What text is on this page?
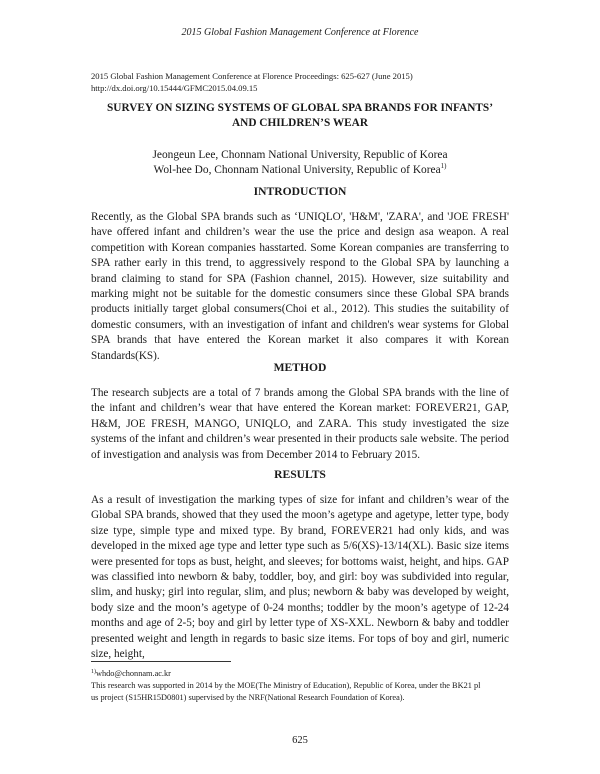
2015 Global Fashion Management Conference at Florence
2015 Global Fashion Management Conference at Florence Proceedings: 625-627 (June 2015)
http://dx.doi.org/10.15444/GFMC2015.04.09.15
SURVEY ON SIZING SYSTEMS OF GLOBAL SPA BRANDS FOR INFANTS’
AND CHILDREN’S WEAR
Jeongeun Lee, Chonnam National University, Republic of Korea
Wol-hee Do, Chonnam National University, Republic of Korea$^{1)}$
INTRODUCTION
Recently, as the Global SPA brands such as ‘UNIQLO', 'H&M', 'ZARA', and 'JOE FRESH' have offered infant and children’s wear the use the price and design asa weapon. A real competition with Korean companies hasstarted. Some Korean companies are transferring to SPA rather early in this trend, to aggressively respond to the Global SPA by launching a brand claiming to stand for SPA (Fashion channel, 2015). However, size suitability and marking might not be suitable for the domestic consumers since these Global SPA brands products initially target global consumers(Choi et al., 2012). This studies the suitability of domestic consumers, with an investigation of infant and children's wear systems for Global SPA brands that have entered the Korean market it also compares it with Korean Standards(KS).
METHOD
The research subjects are a total of 7 brands among the Global SPA brands with the line of the infant and children’s wear that have entered the Korean market: FOREVER21, GAP, H&M, JOE FRESH, MANGO, UNIQLO, and ZARA. This study investigated the size systems of the infant and children’s wear presented in their products sale website. The period of investigation and analysis was from December 2014 to February 2015.
RESULTS
As a result of investigation the marking types of size for infant and children’s wear of the Global SPA brands, showed that they used the moon’s agetype and agetype, letter type, body size type, simple type and mixed type. By brand, FOREVER21 had only kids, and was developed in the mixed age type and letter type such as 5/6(XS)-13/14(XL). Basic size items were presented for tops as bust, height, and sleeves; for bottoms waist, height, and hips. GAP was classified into newborn & baby, toddler, boy, and girl: boy was subdivided into regular, slim, and husky; girl into regular, slim, and plus; newborn & baby was developed by weight, body size and the moon’s agetype of 0-24 months; toddler by the moon’s agetype of 12-24 months and age of 2-5; boy and girl by letter type of XS-XXL. Newborn & baby and toddler presented weight and length in regards to basic size items. For tops of boy and girl, numeric size, height,
$^{1)}$whdo@chonnam.ac.kr
This research was supported in 2014 by the MOE(The Ministry of Education), Republic of Korea, under the BK21 pl
us project (S15HR15D0801) supervised by the NRF(National Research Foundation of Korea).
625
